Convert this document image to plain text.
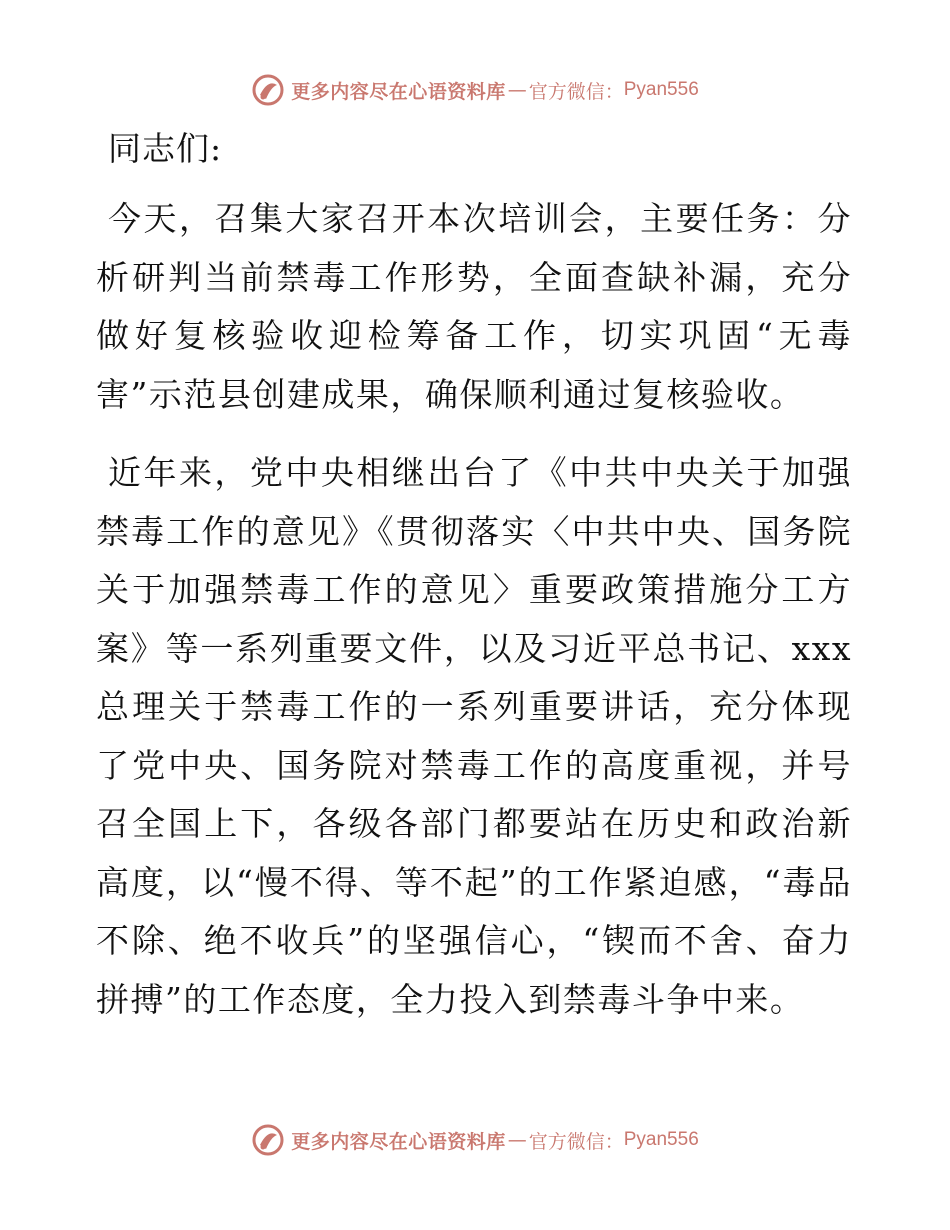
更多内容尽在心语资料库 — 官方微信： Pyan556
同志们:

今天，召集大家召开本次培训会，主要任务：分析研判当前禁毒工作形势，全面查缺补漏，充分做好复核验收迎检筹备工作，切实巩固“无毒害”示范县创建成果，确保顺利通过复核验收。

近年来，党中央相继出台了《中共中央关于加强禁毒工作的意见》《贯彻落实〈中共中央、国务院关于加强禁毒工作的意见〉重要政策措施分工方案》等一系列重要文件，以及习近平总书记、xxx总理关于禁毒工作的一系列重要讲话，充分体现了党中央、国务院对禁毒工作的高度重视，并号召全国上下，各级各部门都要站在历史和政治新高度，以“慢不得、等不起”的工作紧迫感，“毒品不除、绝不收兵”的坚强信心，“锲而不舍、奋力拼搏”的工作态度，全力投入到禁毒斗争中来。

更多内容尽在心语资料库 — 官方微信： Pyan556
